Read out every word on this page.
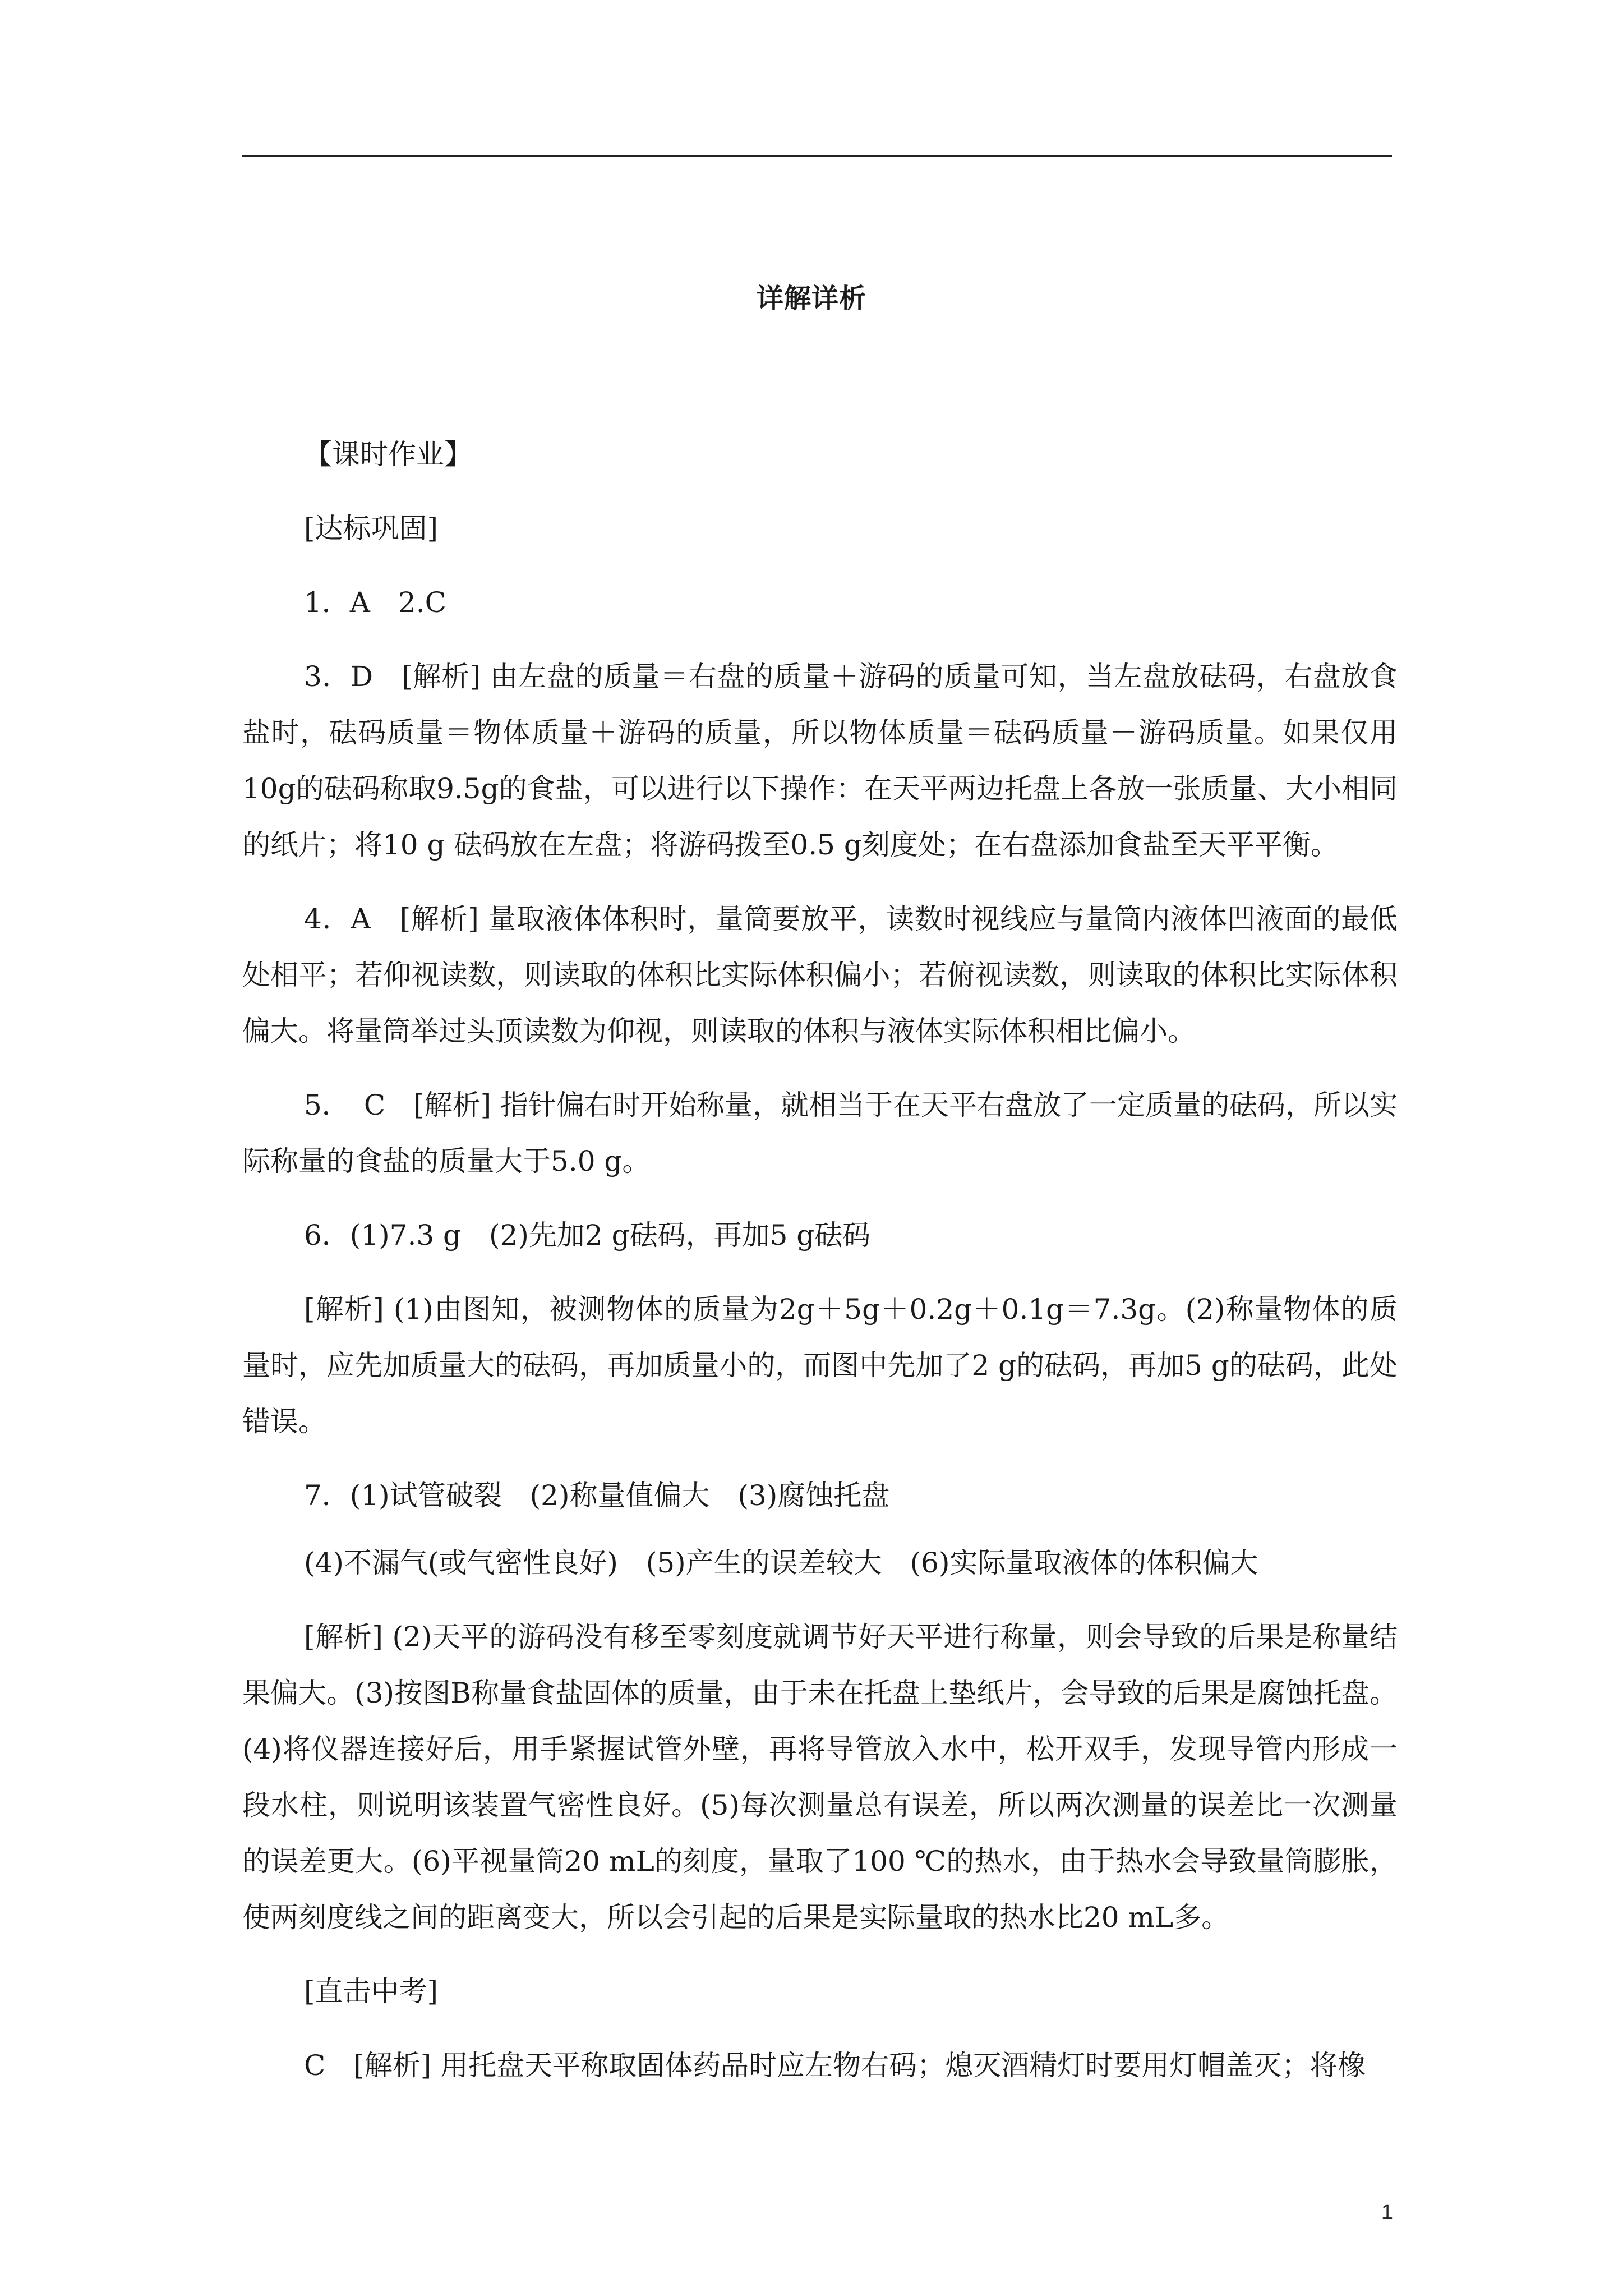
详解详析

【课时作业】

[达标巩固]

1．A　2.C

3．D　[解析] 由左盘的质量＝右盘的质量＋游码的质量可知，当左盘放砝码，右盘放食盐时，砝码质量＝物体质量＋游码的质量，所以物体质量＝砝码质量－游码质量。如果仅用10g的砝码称取9.5g的食盐，可以进行以下操作：在天平两边托盘上各放一张质量、大小相同的纸片；将10 g 砝码放在左盘；将游码拨至0.5 g刻度处；在右盘添加食盐至天平平衡。

4．A　[解析] 量取液体体积时，量筒要放平，读数时视线应与量筒内液体凹液面的最低处相平；若仰视读数，则读取的体积比实际体积偏小；若俯视读数，则读取的体积比实际体积偏大。将量筒举过头顶读数为仰视，则读取的体积与液体实际体积相比偏小。

5．　C　[解析] 指针偏右时开始称量，就相当于在天平右盘放了一定质量的砝码，所以实际称量的食盐的质量大于5.0 g。

6．(1)7.3 g　(2)先加2 g砝码，再加5 g砝码

[解析] (1)由图知，被测物体的质量为2g＋5g＋0.2g＋0.1g＝7.3g。(2)称量物体的质量时，应先加质量大的砝码，再加质量小的，而图中先加了2 g的砝码，再加5 g的砝码，此处错误。

7．(1)试管破裂　(2)称量值偏大　(3)腐蚀托盘

(4)不漏气(或气密性良好)　(5)产生的误差较大　(6)实际量取液体的体积偏大

[解析] (2)天平的游码没有移至零刻度就调节好天平进行称量，则会导致的后果是称量结果偏大。(3)按图B称量食盐固体的质量，由于未在托盘上垫纸片，会导致的后果是腐蚀托盘。(4)将仪器连接好后，用手紧握试管外壁，再将导管放入水中，松开双手，发现导管内形成一段水柱，则说明该装置气密性良好。(5)每次测量总有误差，所以两次测量的误差比一次测量的误差更大。(6)平视量筒20 mL的刻度，量取了100 ℃的热水，由于热水会导致量筒膨胀，使两刻度线之间的距离变大，所以会引起的后果是实际量取的热水比20 mL多。

[直击中考]

C　[解析] 用托盘天平称取固体药品时应左物右码；熄灭酒精灯时要用灯帽盖灭；将橡

1
